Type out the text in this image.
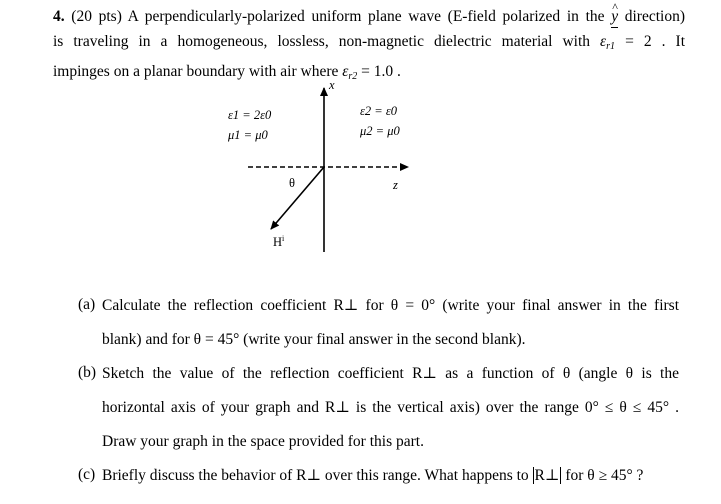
4. (20 pts) A perpendicularly-polarized uniform plane wave (E-field polarized in the ^ y direction)
is traveling in a homogeneous, lossless, non-magnetic dielectric material with $\varepsilon_{r1} = 2$ . It
impinges on a planar boundary with air where $\varepsilon_{r2} = 1.0$ .
x
z
ε1 = 2ε0
μ1 = μ0
ε2 = ε0
μ2 = μ0
θ
$H^i$
(a) Calculate the reflection coefficient R⊥ for θ = 0° (write your final answer in the first
blank) and for θ = 45° (write your final answer in the second blank).
(b) Sketch the value of the reflection coefficient R⊥ as a function of θ (angle θ is the
horizontal axis of your graph and R⊥ is the vertical axis) over the range 0° ≤ θ ≤ 45° .
Draw your graph in the space provided for this part.
(c) Briefly discuss the behavior of R⊥ over this range. What happens to R⊥ for θ ≥ 45° ?
